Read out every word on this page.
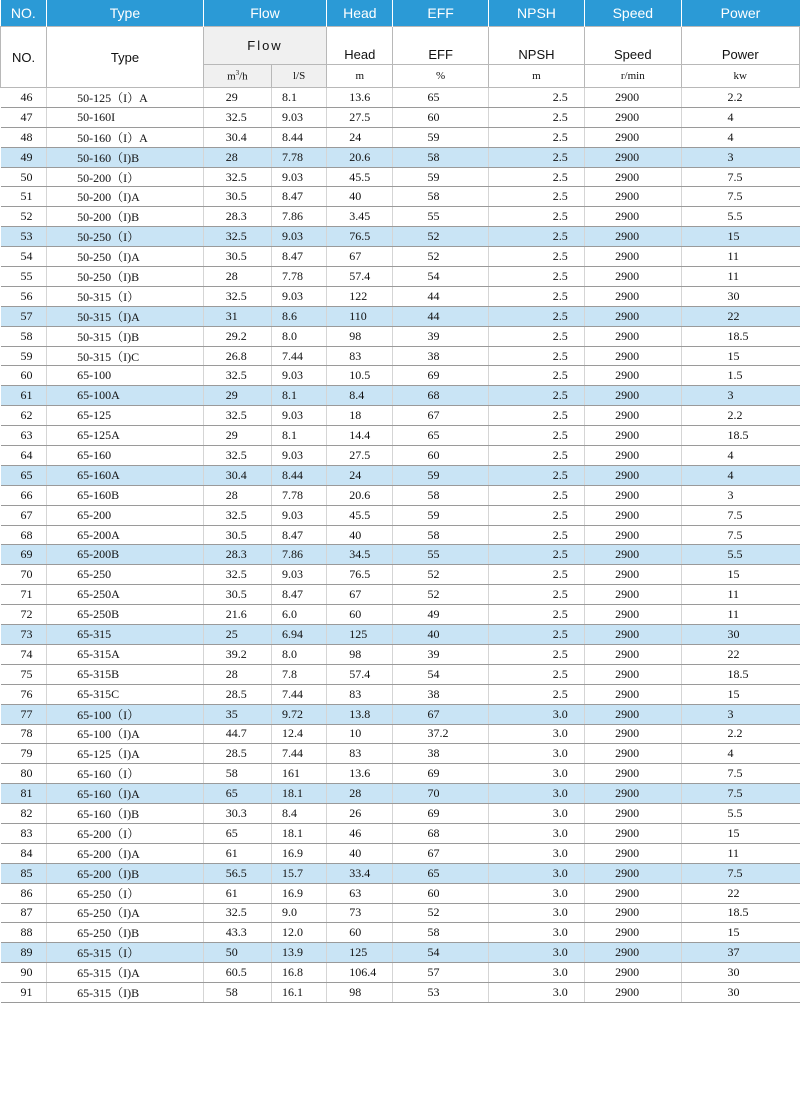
NO.	Type	Flow		Head	EFF	NPSH	Speed	Power
NO.	Type	Flow		Head	EFF	NPSH	Speed	Power
		$m^3/h$	l/S	m	%	m	r/min	kw
46	50-125（I）A	29	8.1	13.6	65	2.5	2900	2.2
47	50-160I	32.5	9.03	27.5	60	2.5	2900	4
48	50-160（I）A	30.4	8.44	24	59	2.5	2900	4
49	50-160（I)B	28	7.78	20.6	58	2.5	2900	3
50	50-200（I）	32.5	9.03	45.5	59	2.5	2900	7.5
51	50-200（I)A	30.5	8.47	40	58	2.5	2900	7.5
52	50-200（I)B	28.3	7.86	3.45	55	2.5	2900	5.5
53	50-250（I）	32.5	9.03	76.5	52	2.5	2900	15
54	50-250（I)A	30.5	8.47	67	52	2.5	2900	11
55	50-250（I)B	28	7.78	57.4	54	2.5	2900	11
56	50-315（I）	32.5	9.03	122	44	2.5	2900	30
57	50-315（I)A	31	8.6	110	44	2.5	2900	22
58	50-315（I)B	29.2	8.0	98	39	2.5	2900	18.5
59	50-315（I)C	26.8	7.44	83	38	2.5	2900	15
60	65-100	32.5	9.03	10.5	69	2.5	2900	1.5
61	65-100A	29	8.1	8.4	68	2.5	2900	3
62	65-125	32.5	9.03	18	67	2.5	2900	2.2
63	65-125A	29	8.1	14.4	65	2.5	2900	18.5
64	65-160	32.5	9.03	27.5	60	2.5	2900	4
65	65-160A	30.4	8.44	24	59	2.5	2900	4
66	65-160B	28	7.78	20.6	58	2.5	2900	3
67	65-200	32.5	9.03	45.5	59	2.5	2900	7.5
68	65-200A	30.5	8.47	40	58	2.5	2900	7.5
69	65-200B	28.3	7.86	34.5	55	2.5	2900	5.5
70	65-250	32.5	9.03	76.5	52	2.5	2900	15
71	65-250A	30.5	8.47	67	52	2.5	2900	11
72	65-250B	21.6	6.0	60	49	2.5	2900	11
73	65-315	25	6.94	125	40	2.5	2900	30
74	65-315A	39.2	8.0	98	39	2.5	2900	22
75	65-315B	28	7.8	57.4	54	2.5	2900	18.5
76	65-315C	28.5	7.44	83	38	2.5	2900	15
77	65-100（I）	35	9.72	13.8	67	3.0	2900	3
78	65-100（I)A	44.7	12.4	10	37.2	3.0	2900	2.2
79	65-125（I)A	28.5	7.44	83	38	3.0	2900	4
80	65-160（I）	58	161	13.6	69	3.0	2900	7.5
81	65-160（I)A	65	18.1	28	70	3.0	2900	7.5
82	65-160（I)B	30.3	8.4	26	69	3.0	2900	5.5
83	65-200（I）	65	18.1	46	68	3.0	2900	15
84	65-200（I)A	61	16.9	40	67	3.0	2900	11
85	65-200（I)B	56.5	15.7	33.4	65	3.0	2900	7.5
86	65-250（I）	61	16.9	63	60	3.0	2900	22
87	65-250（I)A	32.5	9.0	73	52	3.0	2900	18.5
88	65-250（I)B	43.3	12.0	60	58	3.0	2900	15
89	65-315（I）	50	13.9	125	54	3.0	2900	37
90	65-315（I)A	60.5	16.8	106.4	57	3.0	2900	30
91	65-315（I)B	58	16.1	98	53	3.0	2900	30
